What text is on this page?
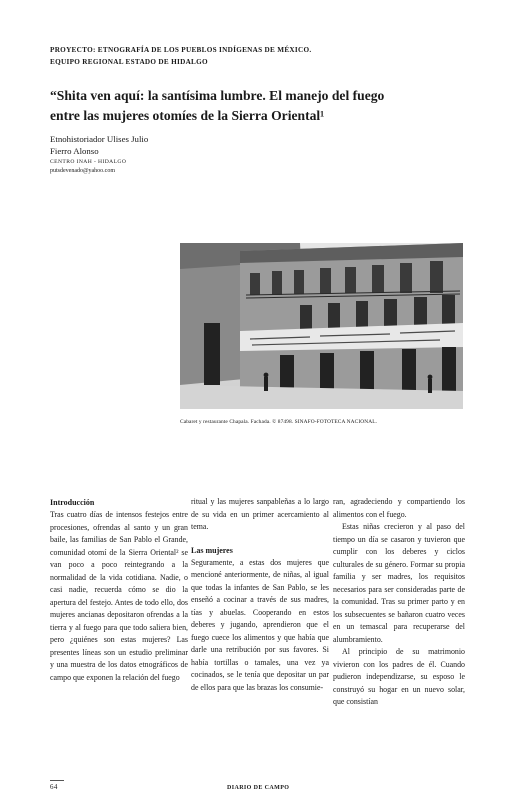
PROYECTO: ETNOGRAFÍA DE LOS PUEBLOS INDÍGENAS DE MÉXICO.
EQUIPO REGIONAL ESTADO DE HIDALGO
“Shita ven aquí: la santísima lumbre. El manejo del fuego
entre las mujeres otomíes de la Sierra Oriental¹
Etnohistoriador Ulises Julio
Fierro Alonso
CENTRO INAH - HIDALGO
putsdevenado@yahoo.com
Cabaret y restaurante Chapala. Fachada. © 87498. SINAFO-FOTOTECA NACIONAL.
Introducción

Tras cuatro días de intensos festejos entre procesiones, ofrendas al santo y un gran baile, las familias de San Pablo el Grande, comunidad otomí de la Sierra Oriental² se van poco a poco reintegrando a la normalidad de la vida cotidiana. Nadie, o casi nadie, recuerda cómo se dio la apertura del festejo. Antes de todo ello, dos mujeres ancianas depositaron ofrendas a la tierra y al fuego para que todo saliera bien, pero ¿quiénes son estas mujeres? Las presentes líneas son un estudio preliminar y una muestra de los datos etnográficos de campo que exponen la relación del fuego

ritual y las mujeres sanpableñas a lo largo de su vida en un primer acercamiento al tema.

Las mujeres

Seguramente, a estas dos mujeres que mencioné anteriormente, de niñas, al igual que todas la infantes de San Pablo, se les enseñó a cocinar a través de sus madres, tías y abuelas. Cooperando en estos deberes y jugando, aprendieron que el fuego cuece los alimentos y que había que darle una retribución por sus favores. Si había tortillas o tamales, una vez ya cocinados, se le tenía que depositar un par de ellos para que las brazas los consumie-

ran, agradeciendo y compartiendo los alimentos con el fuego.

Estas niñas crecieron y al paso del tiempo un día se casaron y tuvieron que cumplir con los deberes y ciclos culturales de su género. Formar su propia familia y ser madres, los requisitos necesarios para ser consideradas parte de la comunidad. Tras su primer parto y en los subsecuentes se bañaron cuatro veces en un temascal para recuperarse del alumbramiento.

Al principio de su matrimonio vivieron con los padres de él. Cuando pudieron independizarse, su esposo le construyó su hogar en un nuevo solar, que consistían

64	DIARIO DE CAMPO
